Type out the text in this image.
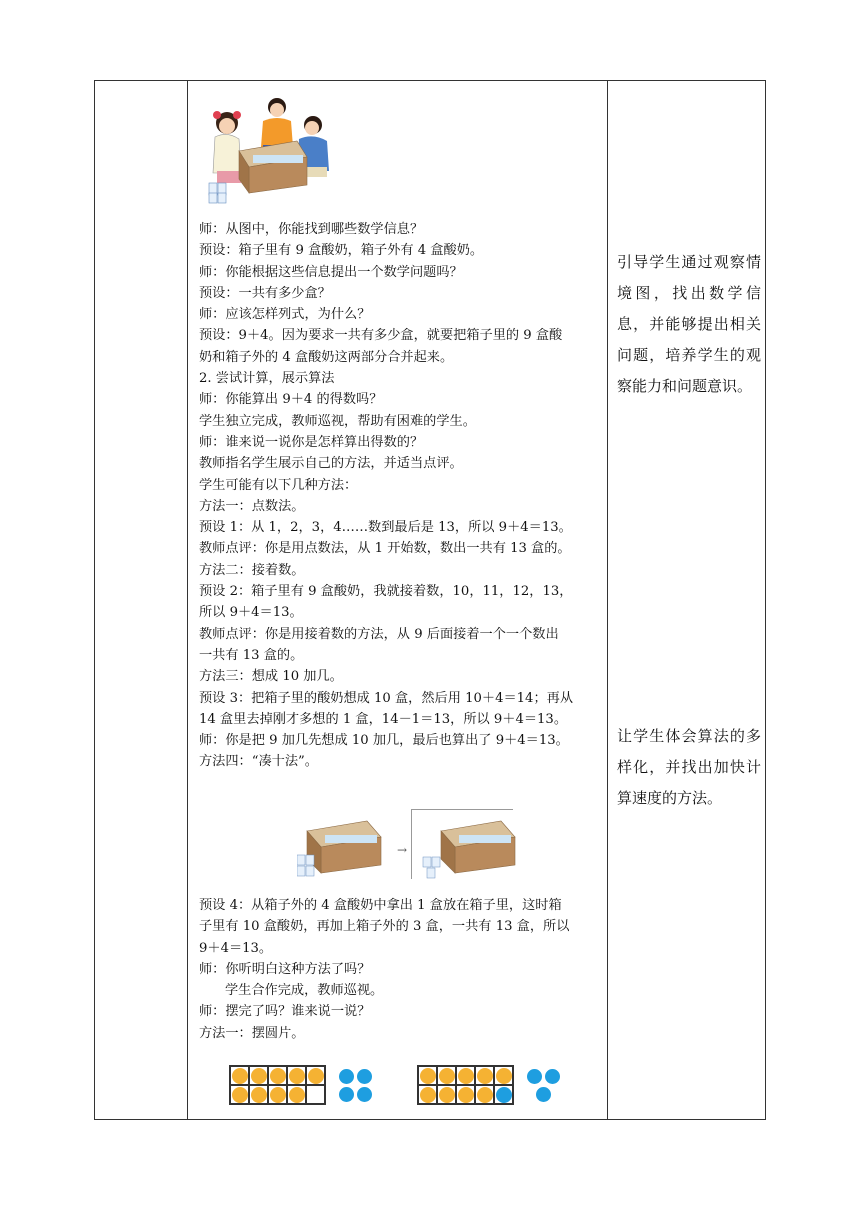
师：从图中，你能找到哪些数学信息？
预设：箱子里有 9 盒酸奶，箱子外有 4 盒酸奶。
师：你能根据这些信息提出一个数学问题吗？
预设：一共有多少盒？
师：应该怎样列式，为什么？
预设：9＋4。因为要求一共有多少盒，就要把箱子里的 9 盒酸
奶和箱子外的 4 盒酸奶这两部分合并起来。
2. 尝试计算，展示算法
师：你能算出 9＋4 的得数吗？
学生独立完成，教师巡视，帮助有困难的学生。
师：谁来说一说你是怎样算出得数的？
教师指名学生展示自己的方法，并适当点评。
学生可能有以下几种方法：
方法一：点数法。
预设 1：从 1，2，3，4……数到最后是 13，所以 9＋4＝13。
教师点评：你是用点数法，从 1 开始数，数出一共有 13 盒的。
方法二：接着数。
预设 2：箱子里有 9 盒酸奶，我就接着数，10，11，12，13，
所以 9＋4＝13。
教师点评：你是用接着数的方法，从 9 后面接着一个一个数出
一共有 13 盒的。
方法三：想成 10 加几。
预设 3：把箱子里的酸奶想成 10 盒，然后用 10＋4＝14；再从
14 盒里去掉刚才多想的 1 盒，14－1＝13，所以 9＋4＝13。
师：你是把 9 加几先想成 10 加几，最后也算出了 9＋4＝13。
方法四：“凑十法”。
→
预设 4：从箱子外的 4 盒酸奶中拿出 1 盒放在箱子里，这时箱
子里有 10 盒酸奶，再加上箱子外的 3 盒，一共有 13 盒，所以
9＋4＝13。
师：你听明白这种方法了吗？
学生合作完成，教师巡视。
师：摆完了吗？谁来说一说？
方法一：摆圆片。

引导学生通过观察情境图，找出数学信息，并能够提出相关问题，培养学生的观察能力和问题意识。

让学生体会算法的多样化，并找出加快计算速度的方法。
